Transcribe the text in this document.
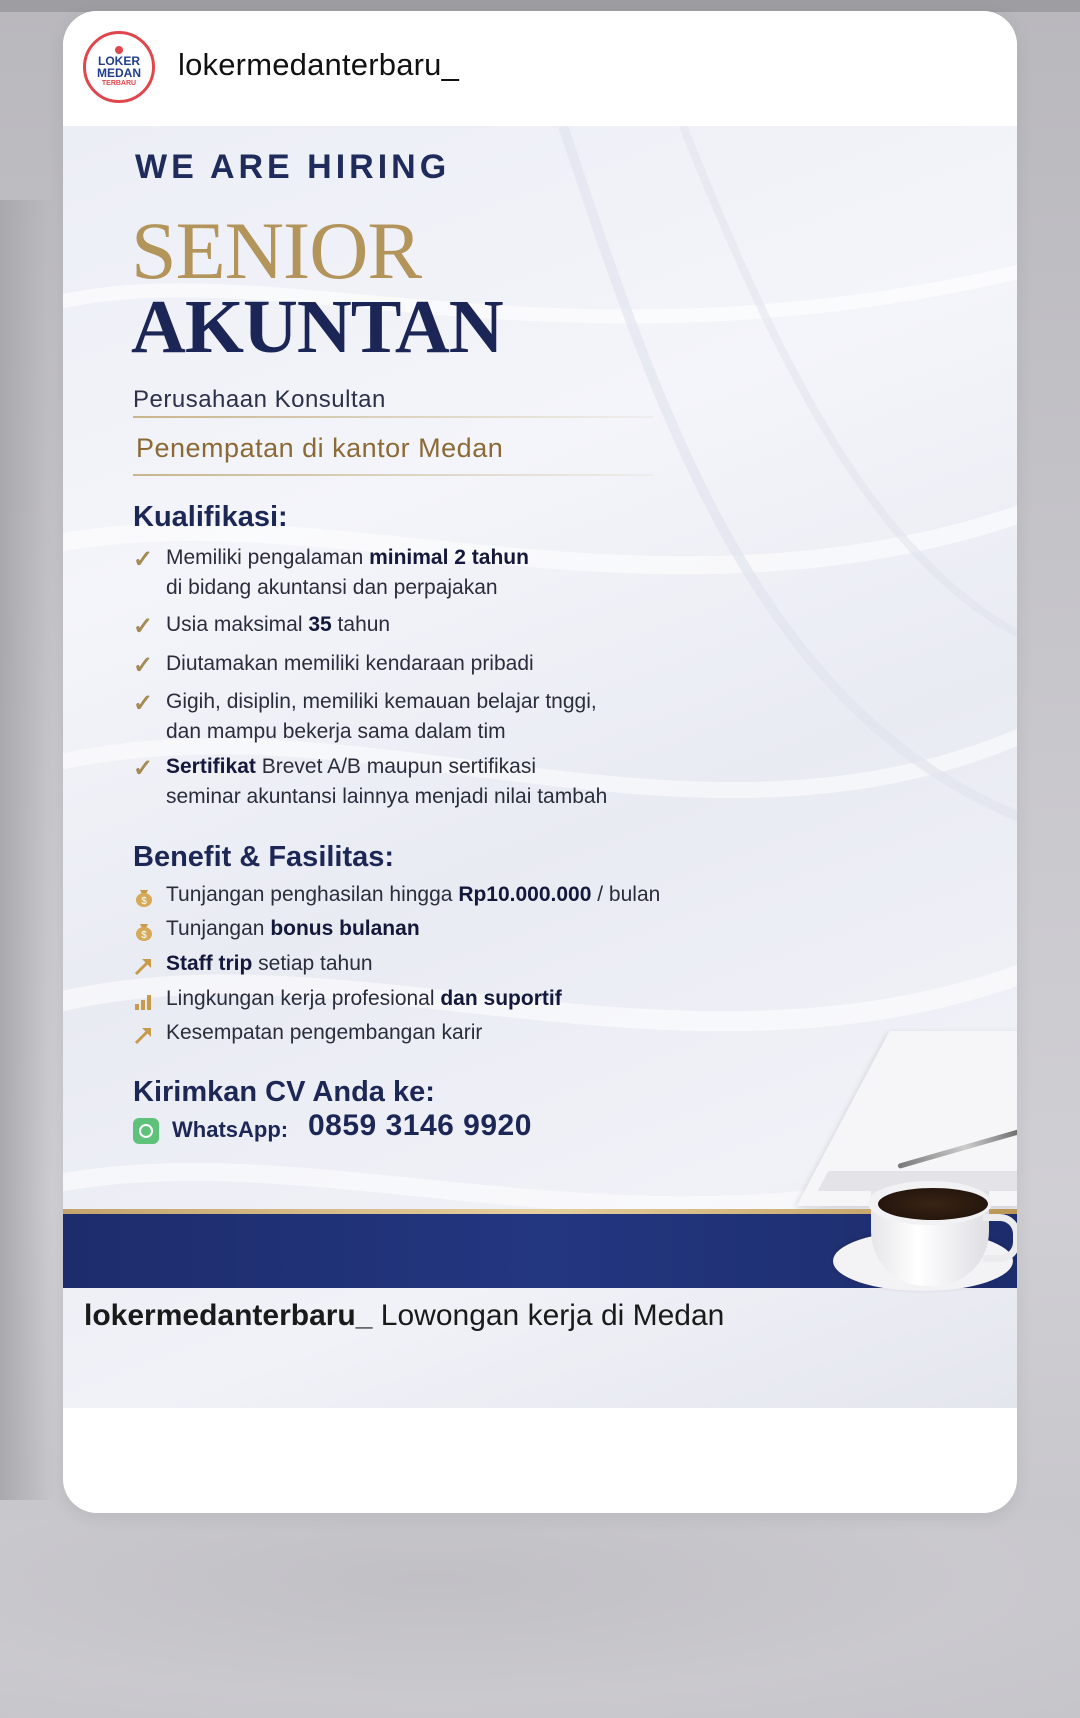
LOKER
MEDAN
TERBARU
lokermedanterbaru_
WE ARE HIRING
SENIOR
AKUNTAN
Perusahaan Konsultan
Penempatan di kantor Medan
Kualifikasi:
✓ Memiliki pengalaman minimal 2 tahun
di bidang akuntansi dan perpajakan
✓ Usia maksimal 35 tahun
✓ Diutamakan memiliki kendaraan pribadi
✓ Gigih, disiplin, memiliki kemauan belajar tnggi,
dan mampu bekerja sama dalam tim
✓ Sertifikat Brevet A/B maupun sertifikasi
seminar akuntansi lainnya menjadi nilai tambah
Benefit & Fasilitas:
$ Tunjangan penghasilan hingga Rp10.000.000 / bulan
$ Tunjangan bonus bulanan
Staff trip setiap tahun
Lingkungan kerja profesional dan suportif
Kesempatan pengembangan karir
Kirimkan CV Anda ke:
WhatsApp: 0859 3146 9920
lokermedanterbaru_ Lowongan kerja di Medan
